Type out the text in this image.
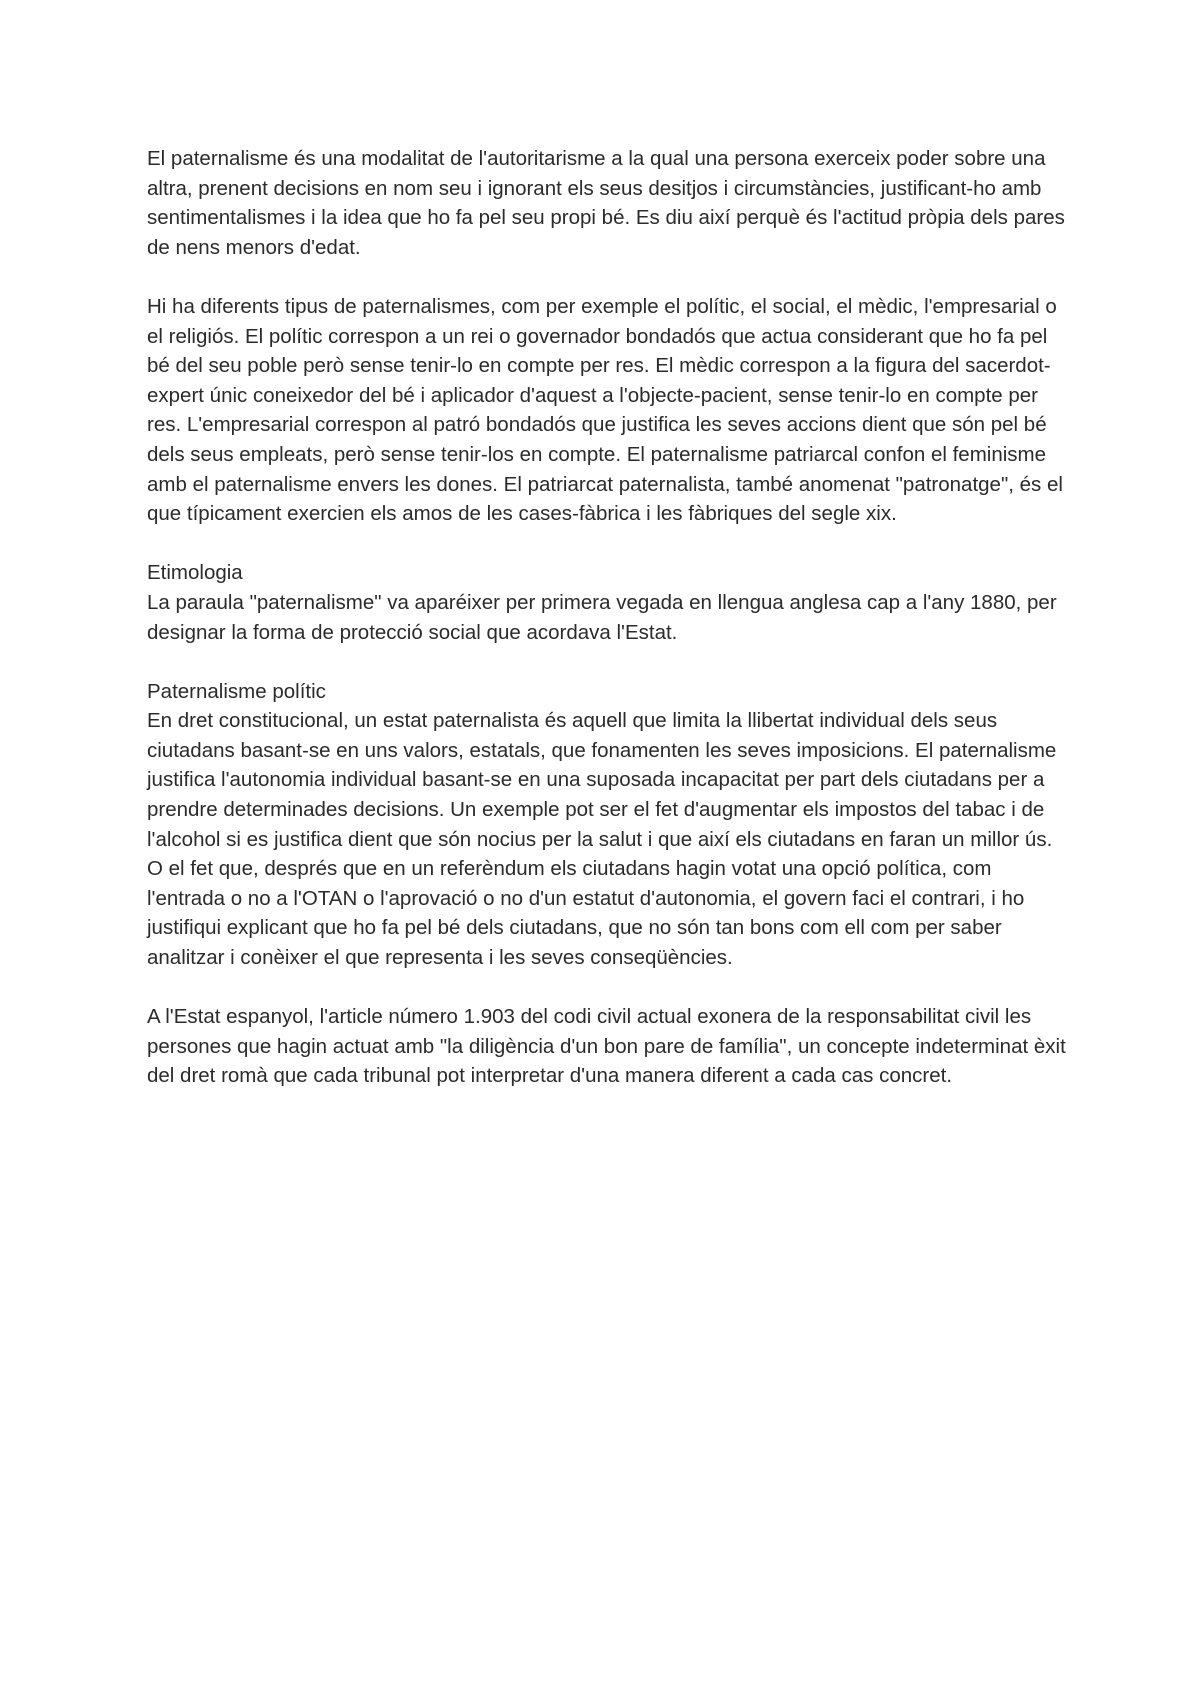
El paternalisme és una modalitat de l'autoritarisme a la qual una persona exerceix poder sobre una altra, prenent decisions en nom seu i ignorant els seus desitjos i circumstàncies, justificant-ho amb sentimentalismes i la idea que ho fa pel seu propi bé. Es diu així perquè és l'actitud pròpia dels pares de nens menors d'edat.

Hi ha diferents tipus de paternalismes, com per exemple el polític, el social, el mèdic, l'empresarial o el religiós. El polític correspon a un rei o governador bondadós que actua considerant que ho fa pel bé del seu poble però sense tenir-lo en compte per res. El mèdic correspon a la figura del sacerdot-expert únic coneixedor del bé i aplicador d'aquest a l'objecte-pacient, sense tenir-lo en compte per res. L'empresarial correspon al patró bondadós que justifica les seves accions dient que són pel bé dels seus empleats, però sense tenir-los en compte. El paternalisme patriarcal confon el feminisme amb el paternalisme envers les dones. El patriarcat paternalista, també anomenat "patronatge", és el que típicament exercien els amos de les cases-fàbrica i les fàbriques del segle xix.

Etimologia
La paraula "paternalisme" va aparéixer per primera vegada en llengua anglesa cap a l'any 1880, per designar la forma de protecció social que acordava l'Estat.

Paternalisme polític
En dret constitucional, un estat paternalista és aquell que limita la llibertat individual dels seus ciutadans basant-se en uns valors, estatals, que fonamenten les seves imposicions. El paternalisme justifica l'autonomia individual basant-se en una suposada incapacitat per part dels ciutadans per a prendre determinades decisions. Un exemple pot ser el fet d'augmentar els impostos del tabac i de l'alcohol si es justifica dient que són nocius per la salut i que així els ciutadans en faran un millor ús. O el fet que, després que en un referèndum els ciutadans hagin votat una opció política, com l'entrada o no a l'OTAN o l'aprovació o no d'un estatut d'autonomia, el govern faci el contrari, i ho justifiqui explicant que ho fa pel bé dels ciutadans, que no són tan bons com ell com per saber analitzar i conèixer el que representa i les seves conseqüències.

A l'Estat espanyol, l'article número 1.903 del codi civil actual exonera de la responsabilitat civil les persones que hagin actuat amb "la diligència d'un bon pare de família", un concepte indeterminat èxit del dret romà que cada tribunal pot interpretar d'una manera diferent a cada cas concret.
